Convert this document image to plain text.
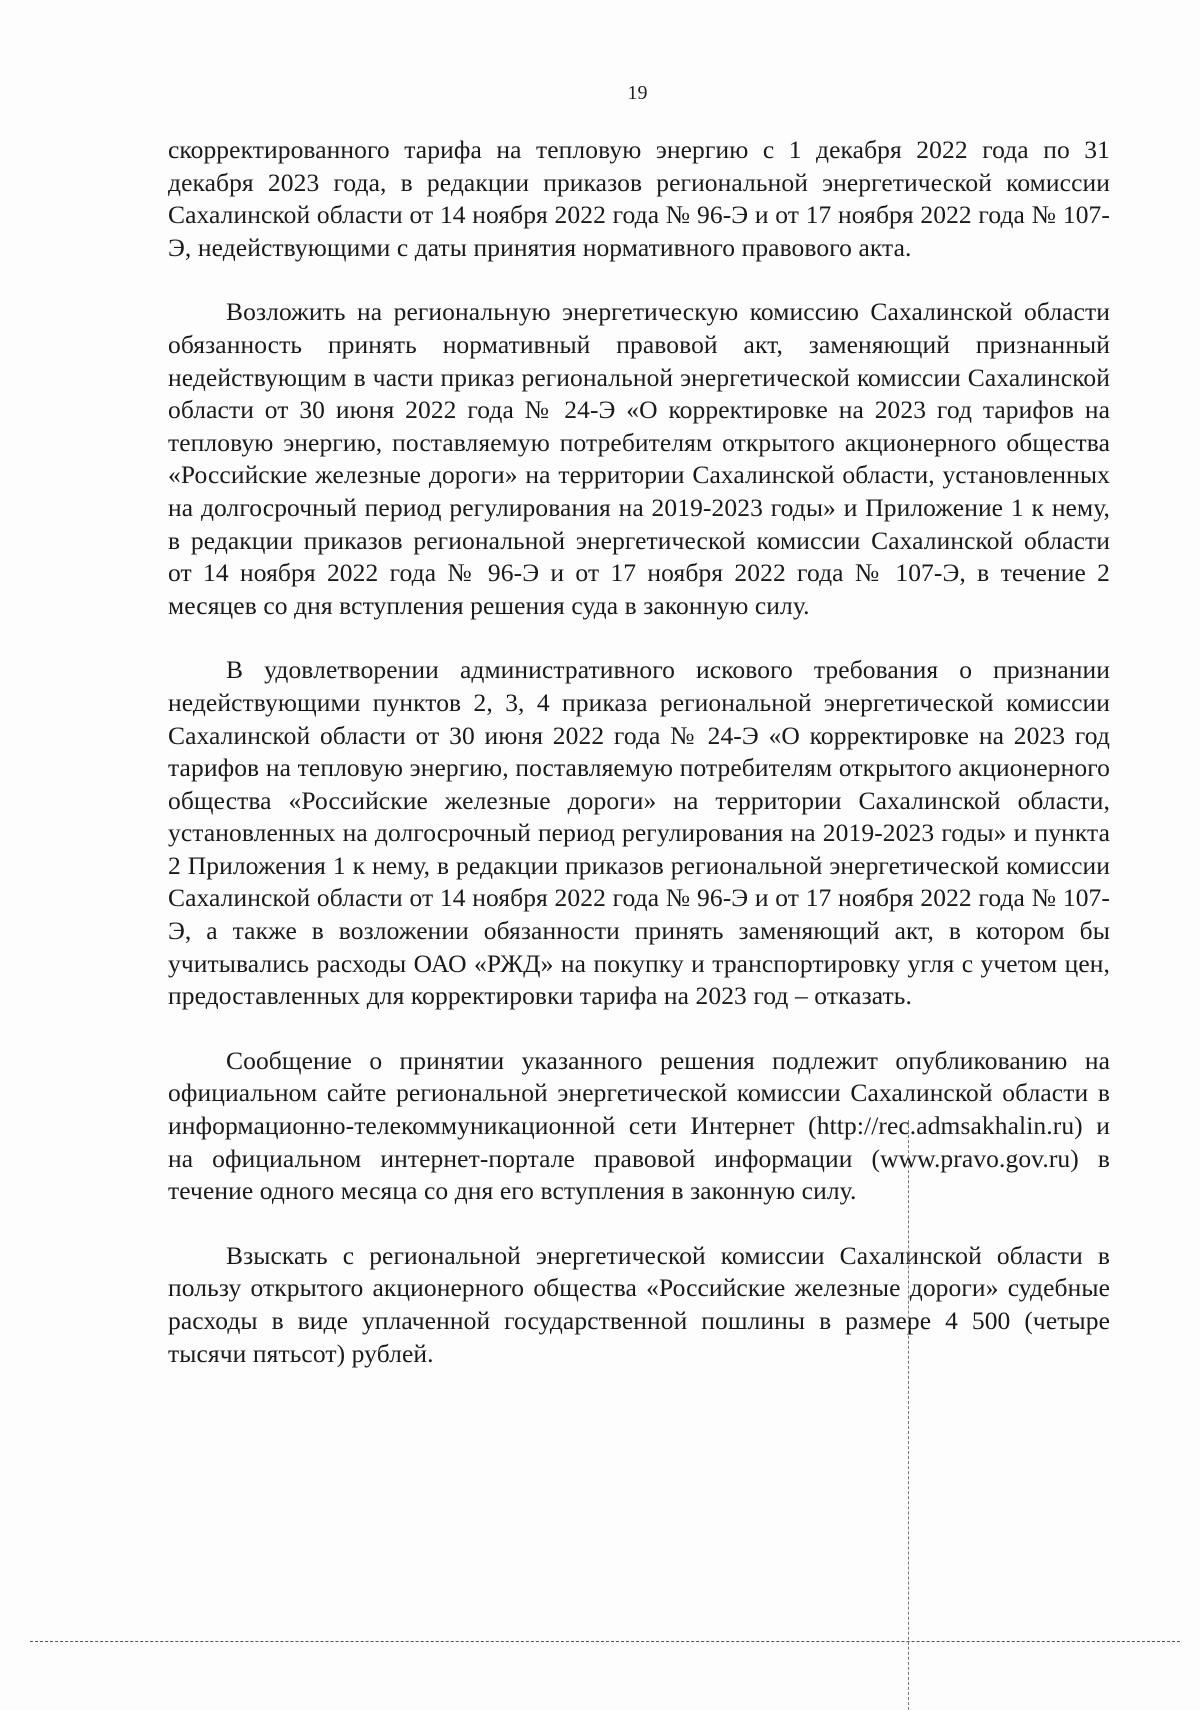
19

скорректированного тарифа на тепловую энергию с 1 декабря 2022 года по 31 декабря 2023 года, в редакции приказов региональной энергетической комиссии Сахалинской области от 14 ноября 2022 года № 96-Э и от 17 ноября 2022 года № 107-Э, недействующими с даты принятия нормативного правового акта.

Возложить на региональную энергетическую комиссию Сахалинской области обязанность принять нормативный правовой акт, заменяющий признанный недействующим в части приказ региональной энергетической комиссии Сахалинской области от 30 июня 2022 года № 24-Э «О корректировке на 2023 год тарифов на тепловую энергию, поставляемую потребителям открытого акционерного общества «Российские железные дороги» на территории Сахалинской области, установленных на долгосрочный период регулирования на 2019-2023 годы» и Приложение 1 к нему, в редакции приказов региональной энергетической комиссии Сахалинской области от 14 ноября 2022 года № 96-Э и от 17 ноября 2022 года № 107-Э, в течение 2 месяцев со дня вступления решения суда в законную силу.

В удовлетворении административного искового требования о признании недействующими пунктов 2, 3, 4 приказа региональной энергетической комиссии Сахалинской области от 30 июня 2022 года № 24-Э «О корректировке на 2023 год тарифов на тепловую энергию, поставляемую потребителям открытого акционерного общества «Российские железные дороги» на территории Сахалинской области, установленных на долгосрочный период регулирования на 2019-2023 годы» и пункта 2 Приложения 1 к нему, в редакции приказов региональной энергетической комиссии Сахалинской области от 14 ноября 2022 года № 96-Э и от 17 ноября 2022 года № 107-Э, а также в возложении обязанности принять заменяющий акт, в котором бы учитывались расходы ОАО «РЖД» на покупку и транспортировку угля с учетом цен, предоставленных для корректировки тарифа на 2023 год – отказать.

Сообщение о принятии указанного решения подлежит опубликованию на официальном сайте региональной энергетической комиссии Сахалинской области в информационно-телекоммуникационной сети Интернет (http://rec.admsakhalin.ru) и на официальном интернет-портале правовой информации (www.pravo.gov.ru) в течение одного месяца со дня его вступления в законную силу.

Взыскать с региональной энергетической комиссии Сахалинской области в пользу открытого акционерного общества «Российские железные дороги» судебные расходы в виде уплаченной государственной пошлины в размере 4 500 (четыре тысячи пятьсот) рублей.
